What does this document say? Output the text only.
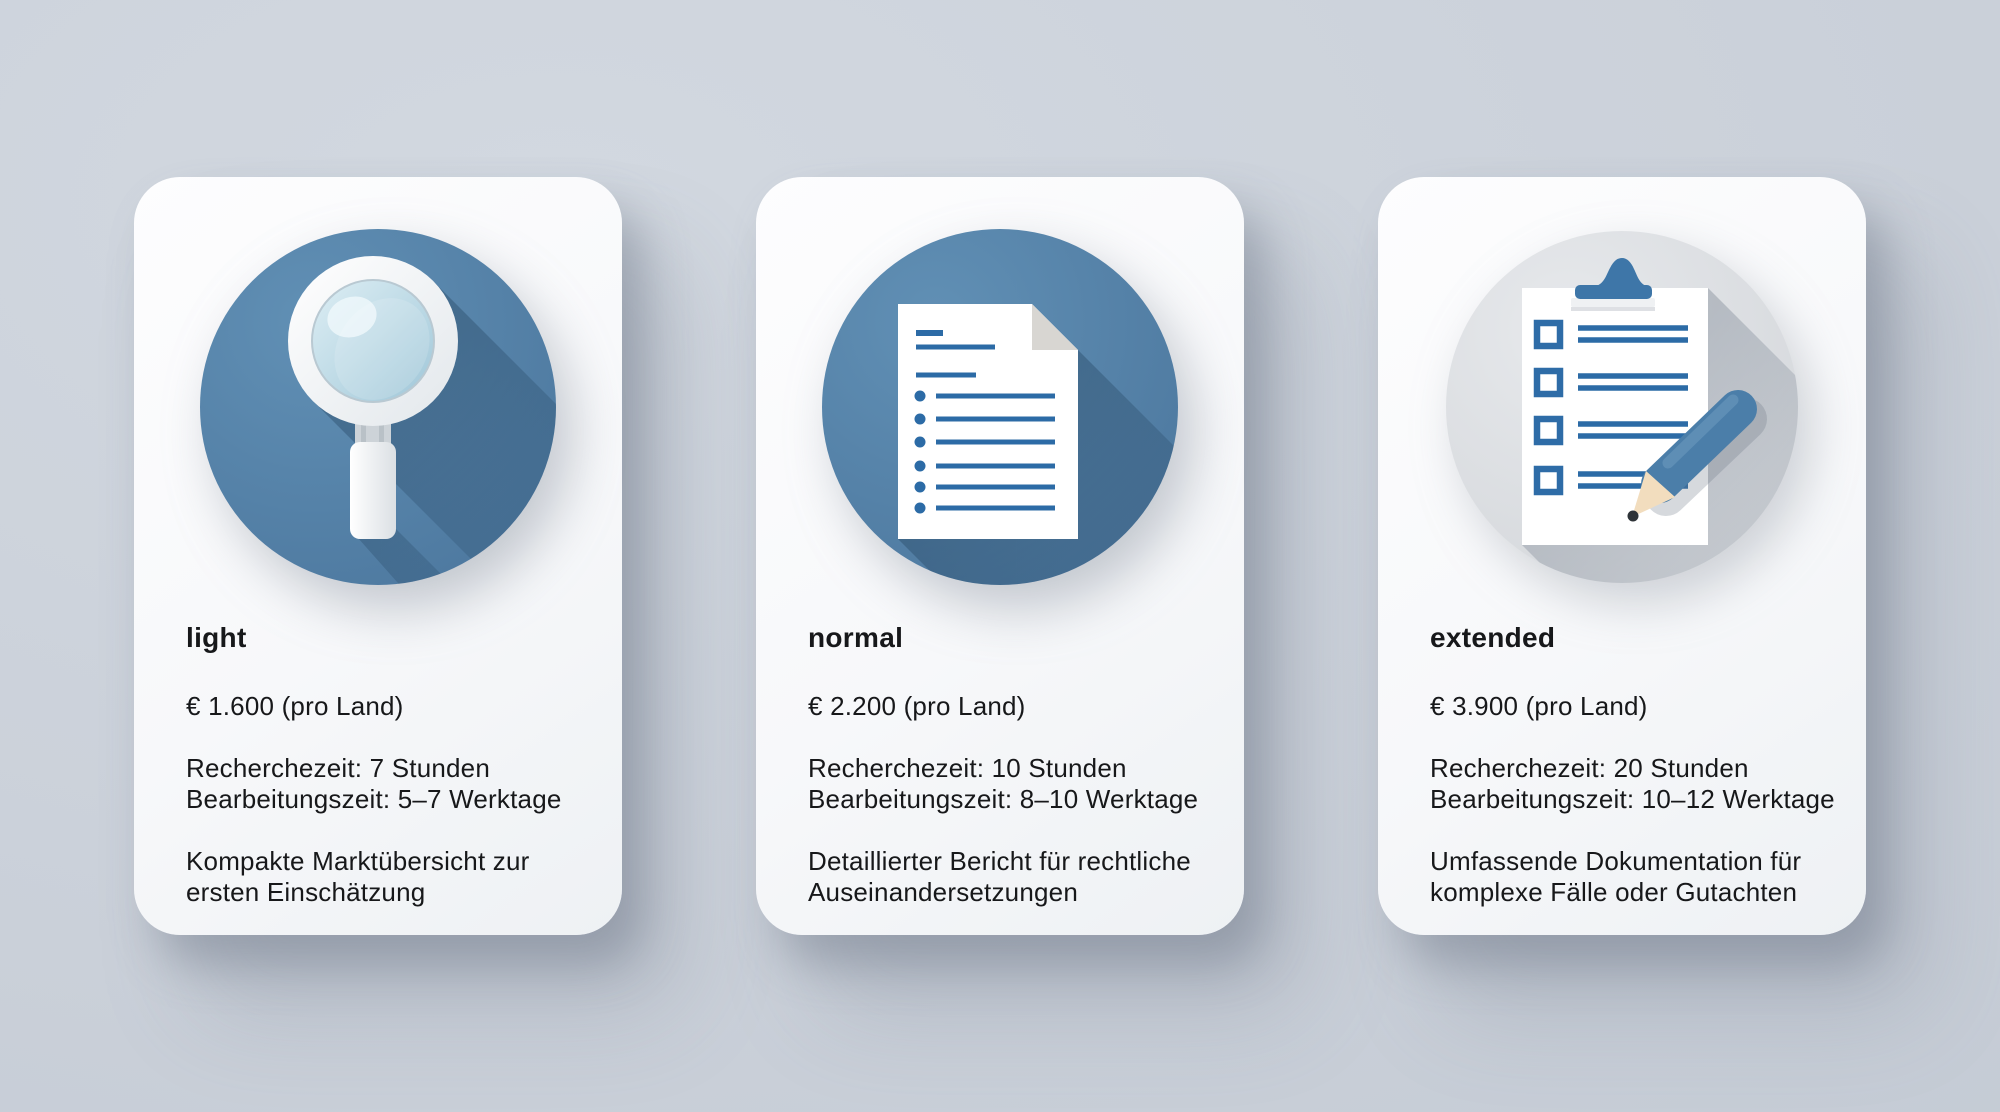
light

€ 1.600 (pro Land)

Recherchezeit: 7 Stunden
Bearbeitungszeit: 5–7 Werktage

Kompakte Marktübersicht zur
ersten Einschätzung

normal

€ 2.200 (pro Land)

Recherchezeit: 10 Stunden
Bearbeitungszeit: 8–10 Werktage

Detaillierter Bericht für rechtliche
Auseinandersetzungen

extended

€ 3.900 (pro Land)

Recherchezeit: 20 Stunden
Bearbeitungszeit: 10–12 Werktage

Umfassende Dokumentation für
komplexe Fälle oder Gutachten
